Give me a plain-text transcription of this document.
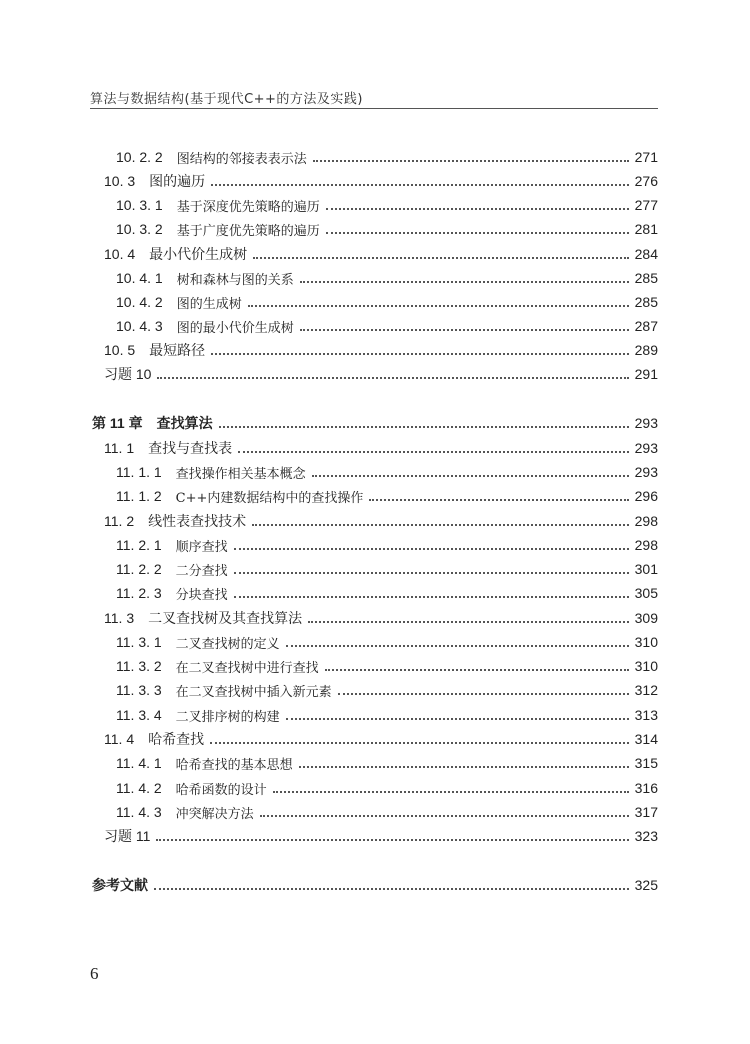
算法与数据结构(基于现代C++的方法及实践)
10. 2. 2 图结构的邻接表表示法	271
10. 3 图的遍历	276
10. 3. 1 基于深度优先策略的遍历	277
10. 3. 2 基于广度优先策略的遍历	281
10. 4 最小代价生成树	284
10. 4. 1 树和森林与图的关系	285
10. 4. 2 图的生成树	285
10. 4. 3 图的最小代价生成树	287
10. 5 最短路径	289
习题 10	291
第 11 章 查找算法	293
11. 1 查找与查找表	293
11. 1. 1 查找操作相关基本概念	293
11. 1. 2 C++内建数据结构中的查找操作	296
11. 2 线性表查找技术	298
11. 2. 1 顺序查找	298
11. 2. 2 二分查找	301
11. 2. 3 分块查找	305
11. 3 二叉查找树及其查找算法	309
11. 3. 1 二叉查找树的定义	310
11. 3. 2 在二叉查找树中进行查找	310
11. 3. 3 在二叉查找树中插入新元素	312
11. 3. 4 二叉排序树的构建	313
11. 4 哈希查找	314
11. 4. 1 哈希查找的基本思想	315
11. 4. 2 哈希函数的设计	316
11. 4. 3 冲突解决方法	317
习题 11	323
参考文献	325
6
